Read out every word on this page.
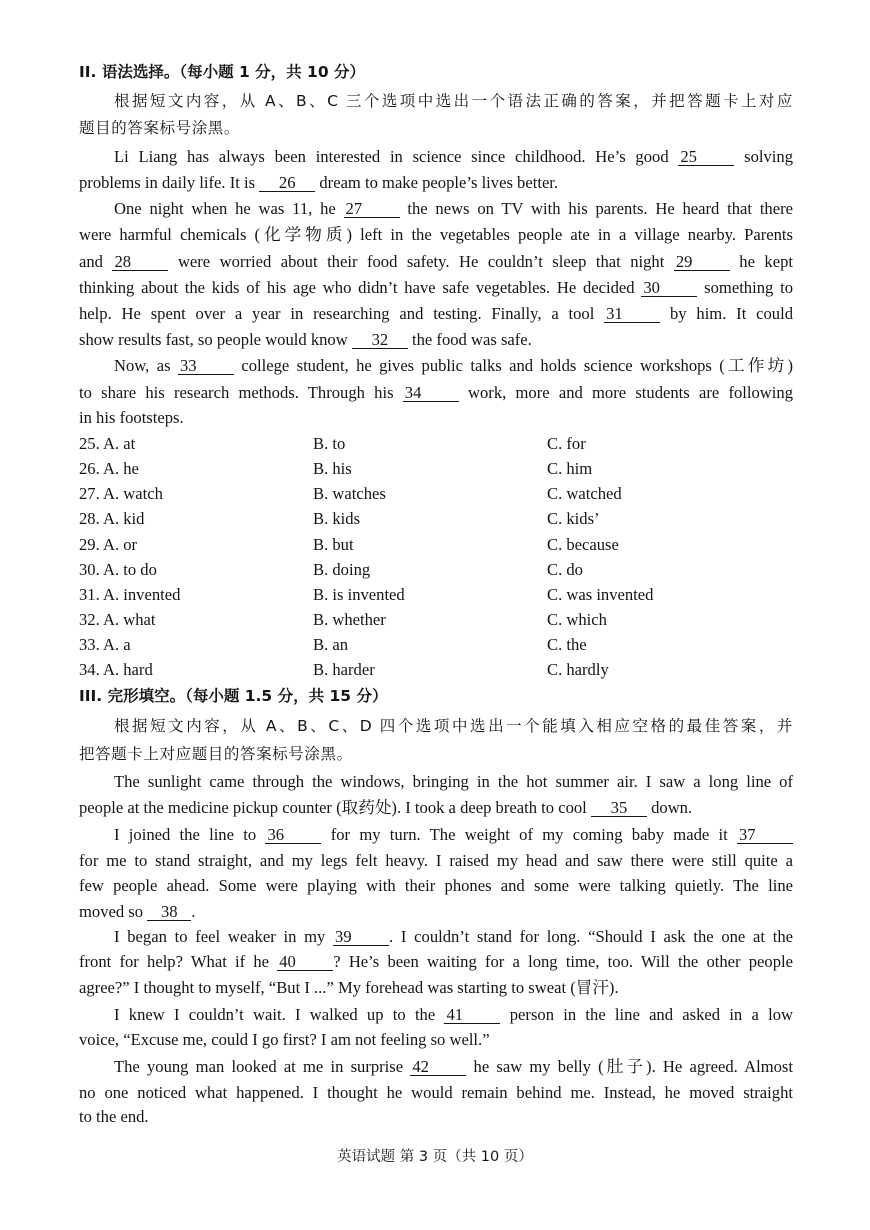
II. 语法选择。（每小题 1 分，共 10 分）
根据短文内容，从 A、B、C 三个选项中选出一个语法正确的答案，并把答题卡上对应
题目的答案标号涂黑。
Li Liang has always been interested in science since childhood. He’s good 25	solving
problems in daily life. It is 26 dream to make people’s lives better.
One night when he was 11, he 27	the news on TV with his parents. He heard that there
were harmful chemicals (化学物质) left in the vegetables people ate in a village nearby. Parents
and 28	were worried about their food safety. He couldn’t sleep that night 29	he kept
thinking about the kids of his age who didn’t have safe vegetables. He decided 30	something to
help. He spent over a year in researching and testing. Finally, a tool 31	by him. It could
show results fast, so people would know 32 the food was safe.
Now, as 33	college student, he gives public talks and holds science workshops (工作坊)
to share his research methods. Through his 34	work, more and more students are following
in his footsteps.
25. A. at	B. to	C. for
26. A. he	B. his	C. him
27. A. watch	B. watches	C. watched
28. A. kid	B. kids	C. kids’
29. A. or	B. but	C. because
30. A. to do	B. doing	C. do
31. A. invented	B. is invented	C. was invented
32. A. what	B. whether	C. which
33. A. a	B. an	C. the
34. A. hard	B. harder	C. hardly
III. 完形填空。（每小题 1.5 分，共 15 分）
根据短文内容，从 A、B、C、D 四个选项中选出一个能填入相应空格的最佳答案，并
把答题卡上对应题目的答案标号涂黑。
The sunlight came through the windows, bringing in the hot summer air. I saw a long line of
people at the medicine pickup counter (取药处). I took a deep breath to cool 35 down.
I joined the line to 36	for my turn. The weight of my coming baby made it 37
for me to stand straight, and my legs felt heavy. I raised my head and saw there were still quite a
few people ahead. Some were playing with their phones and some were talking quietly. The line
moved so 38 .
I began to feel weaker in my 39 . I couldn’t stand for long. “Should I ask the one at the
front for help? What if he 40 ? He’s been waiting for a long time, too. Will the other people
agree?” I thought to myself, “But I ...” My forehead was starting to sweat (冒汗).
I knew I couldn’t wait. I walked up to the 41	person in the line and asked in a low
voice, “Excuse me, could I go first? I am not feeling so well.”
The young man looked at me in surprise 42	he saw my belly (肚子). He agreed. Almost
no one noticed what happened. I thought he would remain behind me. Instead, he moved straight
to the end.
英语试题 第 3 页（共 10 页）
